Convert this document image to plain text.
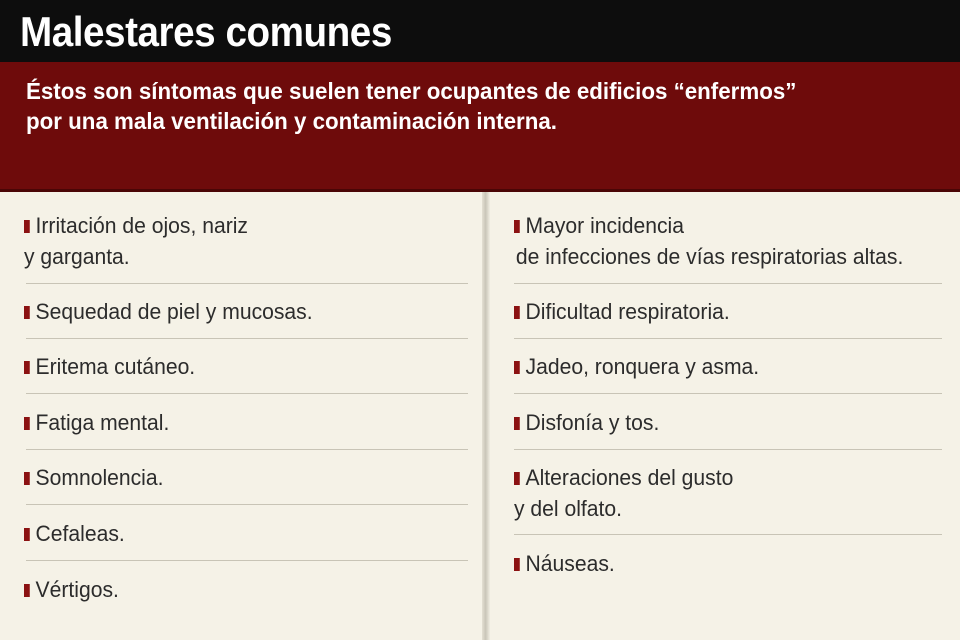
Malestares comunes

Éstos son síntomas que suelen tener ocupantes de edificios “enfermos”
por una mala ventilación y contaminación interna.

Irritación de ojos, nariz
y garganta.
Sequedad de piel y mucosas.
Eritema cutáneo.
Fatiga mental.
Somnolencia.
Cefaleas.
Vértigos.
Mayor incidencia
de infecciones de vías respiratorias altas.
Dificultad respiratoria.
Jadeo, ronquera y asma.
Disfonía y tos.
Alteraciones del gusto
y del olfato.
Náuseas.
